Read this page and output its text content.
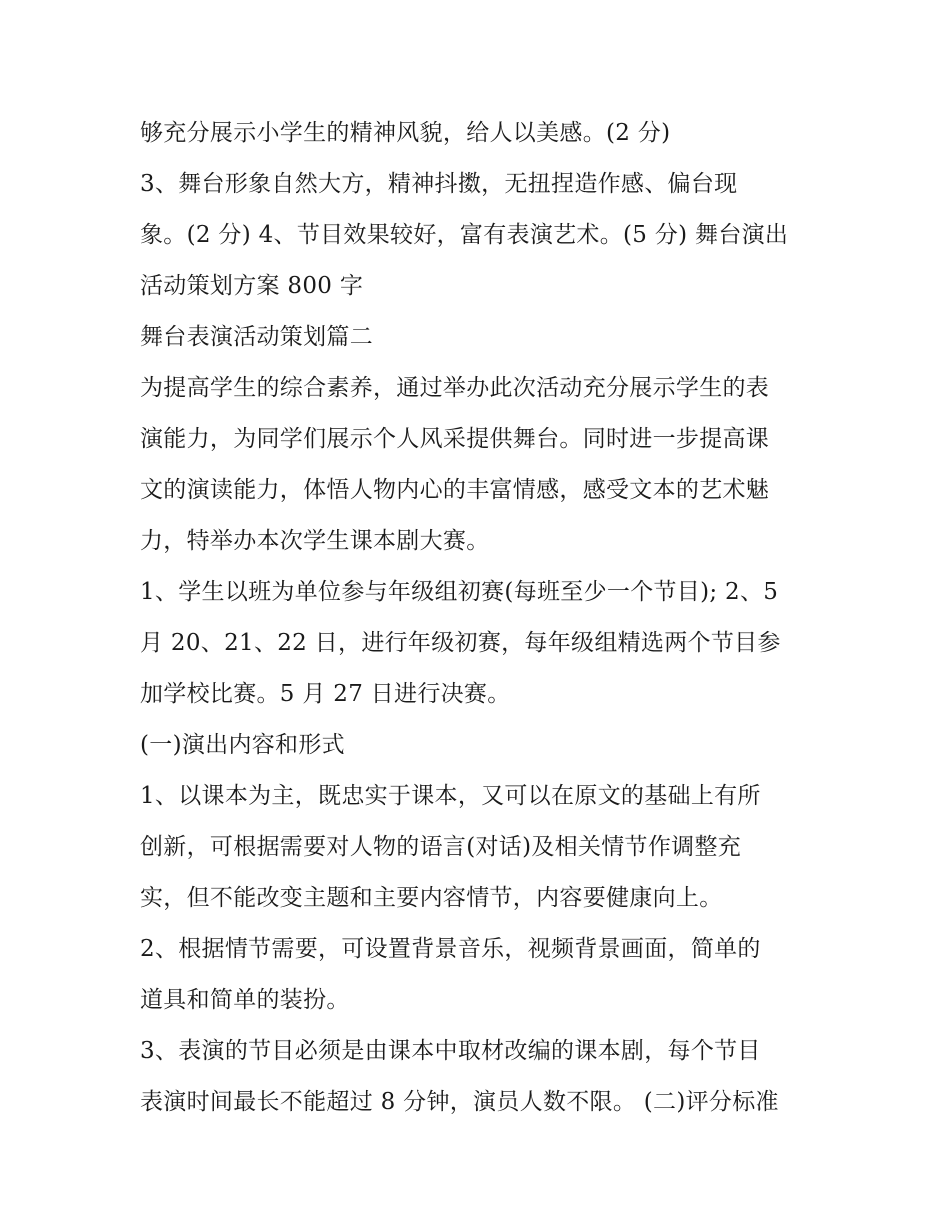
够充分展示小学生的精神风貌，给人以美感。(2 分)
3、舞台形象自然大方，精神抖擞，无扭捏造作感、偏台现
象。(2 分) 4、节目效果较好，富有表演艺术。(5 分) 舞台演出
活动策划方案 800 字
舞台表演活动策划篇二
为提高学生的综合素养，通过举办此次活动充分展示学生的表
演能力，为同学们展示个人风采提供舞台。同时进一步提高课
文的演读能力，体悟人物内心的丰富情感，感受文本的艺术魅
力，特举办本次学生课本剧大赛。
1、学生以班为单位参与年级组初赛(每班至少一个节目); 2、5
月 20、21、22 日，进行年级初赛，每年级组精选两个节目参
加学校比赛。5 月 27 日进行决赛。
(一)演出内容和形式
1、以课本为主，既忠实于课本，又可以在原文的基础上有所
创新，可根据需要对人物的语言(对话)及相关情节作调整充
实，但不能改变主题和主要内容情节，内容要健康向上。
2、根据情节需要，可设置背景音乐，视频背景画面，简单的
道具和简单的装扮。
3、表演的节目必须是由课本中取材改编的课本剧，每个节目
表演时间最长不能超过 8 分钟，演员人数不限。 (二)评分标准
